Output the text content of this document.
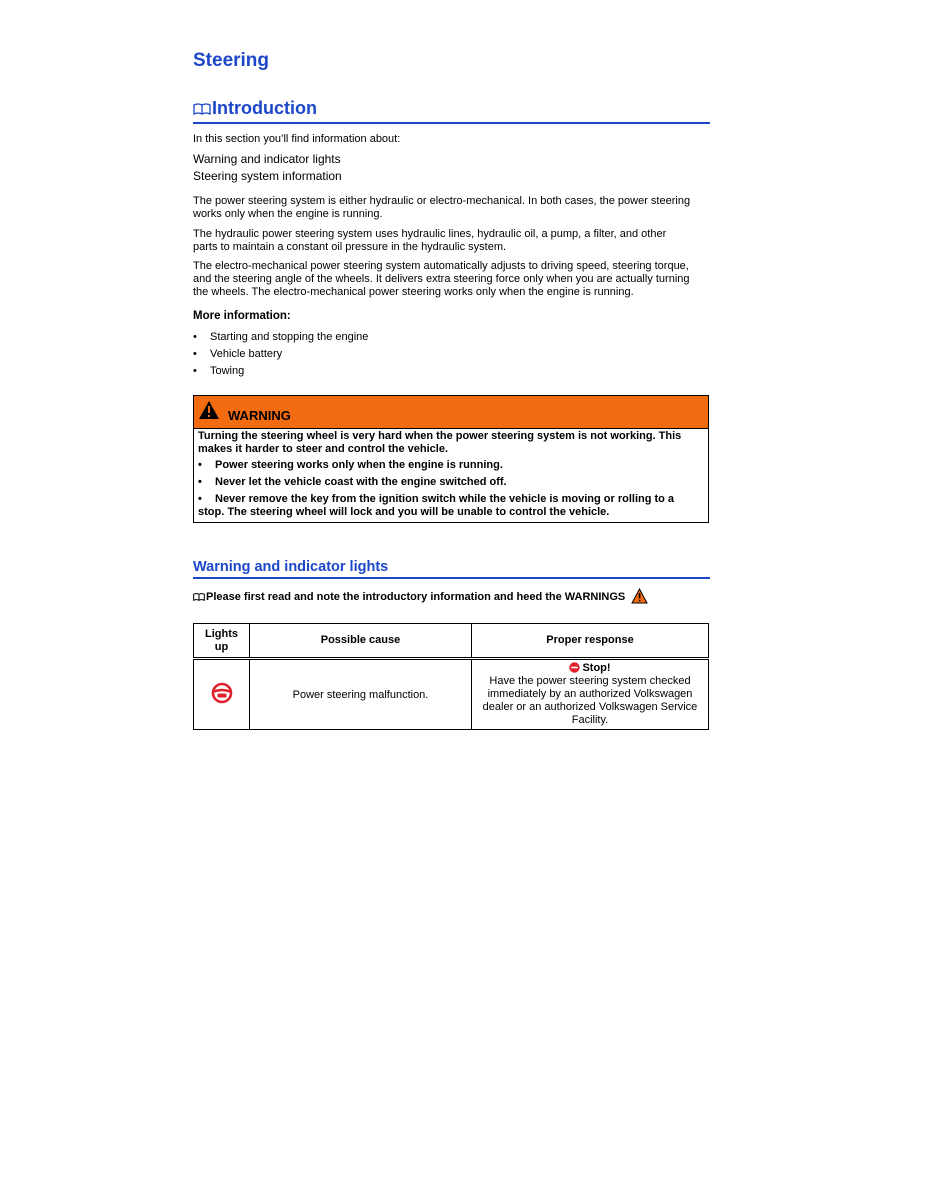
Steering
Introduction
In this section you’ll find information about:
Warning and indicator lights
Steering system information
The power steering system is either hydraulic or electro-mechanical. In both cases, the power steering
works only when the engine is running.
The hydraulic power steering system uses hydraulic lines, hydraulic oil, a pump, a filter, and other
parts to maintain a constant oil pressure in the hydraulic system.
The electro-mechanical power steering system automatically adjusts to driving speed, steering torque,
and the steering angle of the wheels. It delivers extra steering force only when you are actually turning
the wheels. The electro-mechanical power steering works only when the engine is running.
More information:
• Starting and stopping the engine
• Vehicle battery
• Towing
WARNING
Turning the steering wheel is very hard when the power steering system is not working. This
makes it harder to steer and control the vehicle.
• Power steering works only when the engine is running.
• Never let the vehicle coast with the engine switched off.
• Never remove the key from the ignition switch while the vehicle is moving or rolling to a
stop. The steering wheel will lock and you will be unable to control the vehicle.
Warning and indicator lights
Please first read and note the introductory information and heed the WARNINGS
Lights
up	Possible cause	Proper response
	Power steering malfunction.	Stop!
Have the power steering system checked
immediately by an authorized Volkswagen
dealer or an authorized Volkswagen Service
Facility.
